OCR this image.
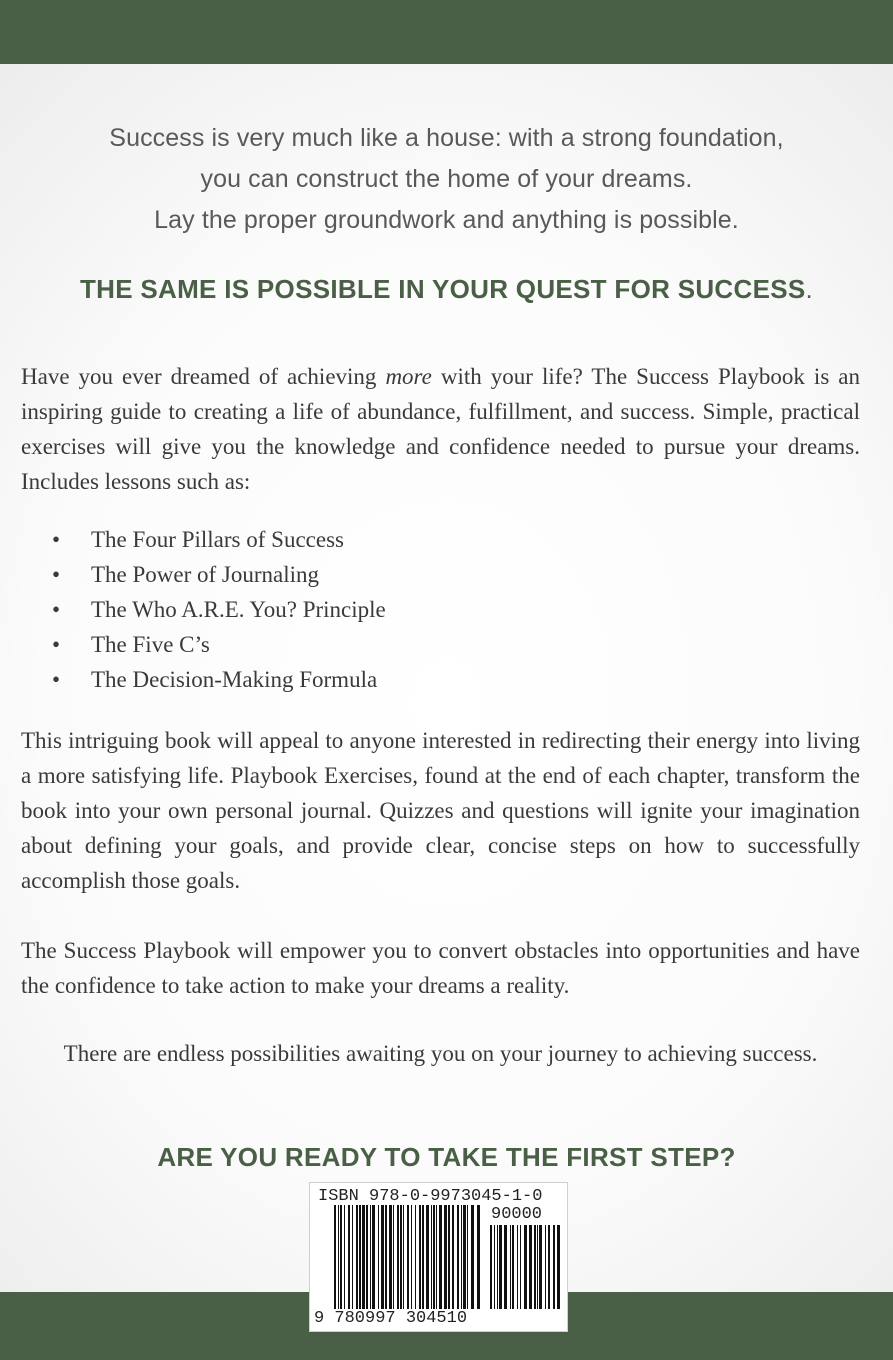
Success is very much like a house: with a strong foundation,
you can construct the home of your dreams.
Lay the proper groundwork and anything is possible.
THE SAME IS POSSIBLE IN YOUR QUEST FOR SUCCESS.

Have you ever dreamed of achieving more with your life? The Success Playbook is an inspiring guide to creating a life of abundance, fulfillment, and success. Simple, practical exercises will give you the knowledge and confidence needed to pursue your dreams. Includes lessons such as:

• The Four Pillars of Success
• The Power of Journaling
• The Who A.R.E. You? Principle
• The Five C’s
• The Decision-Making Formula

This intriguing book will appeal to anyone interested in redirecting their energy into living a more satisfying life. Playbook Exercises, found at the end of each chapter, transform the book into your own personal journal. Quizzes and questions will ignite your imagination about defining your goals, and provide clear, concise steps on how to successfully accomplish those goals.

The Success Playbook will empower you to convert obstacles into opportunities and have the confidence to take action to make your dreams a reality.

There are endless possibilities awaiting you on your journey to achieving success.

ARE YOU READY TO TAKE THE FIRST STEP?
ISBN 978-0-9973045-1-0
90000
9 780997 304510
